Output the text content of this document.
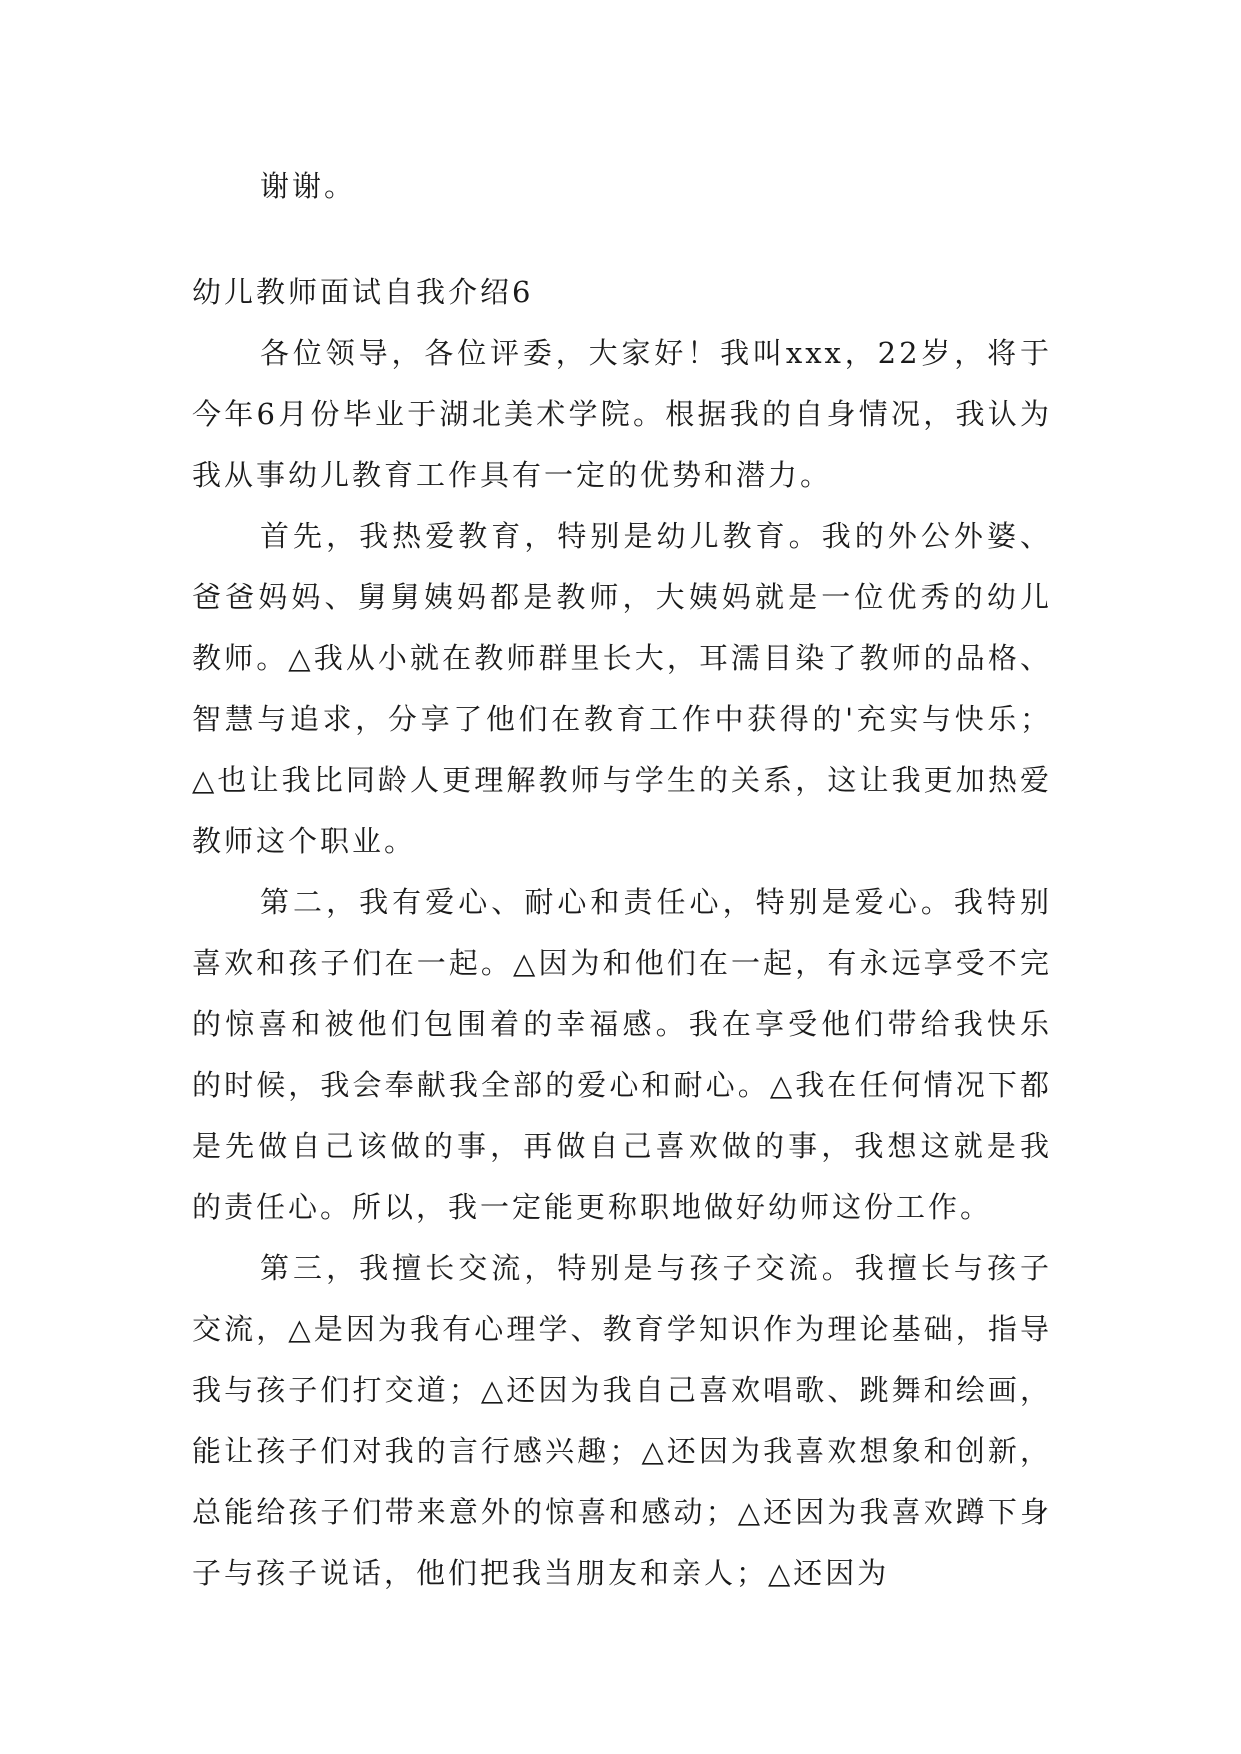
谢谢。
幼儿教师面试自我介绍6

各位领导，各位评委，大家好！我叫xxx，22岁，将于今年6月份毕业于湖北美术学院。根据我的自身情况，我认为我从事幼儿教育工作具有一定的优势和潜力。

首先，我热爱教育，特别是幼儿教育。我的外公外婆、爸爸妈妈、舅舅姨妈都是教师，大姨妈就是一位优秀的幼儿教师。△我从小就在教师群里长大，耳濡目染了教师的品格、智慧与追求，分享了他们在教育工作中获得的'充实与快乐；△也让我比同龄人更理解教师与学生的关系，这让我更加热爱教师这个职业。

第二，我有爱心、耐心和责任心，特别是爱心。我特别喜欢和孩子们在一起。△因为和他们在一起，有永远享受不完的惊喜和被他们包围着的幸福感。我在享受他们带给我快乐的时候，我会奉献我全部的爱心和耐心。△我在任何情况下都是先做自己该做的事，再做自己喜欢做的事，我想这就是我的责任心。所以，我一定能更称职地做好幼师这份工作。

第三，我擅长交流，特别是与孩子交流。我擅长与孩子交流，△是因为我有心理学、教育学知识作为理论基础，指导我与孩子们打交道；△还因为我自己喜欢唱歌、跳舞和绘画，能让孩子们对我的言行感兴趣；△还因为我喜欢想象和创新，总能给孩子们带来意外的惊喜和感动；△还因为我喜欢蹲下身子与孩子说话，他们把我当朋友和亲人；△还因为
